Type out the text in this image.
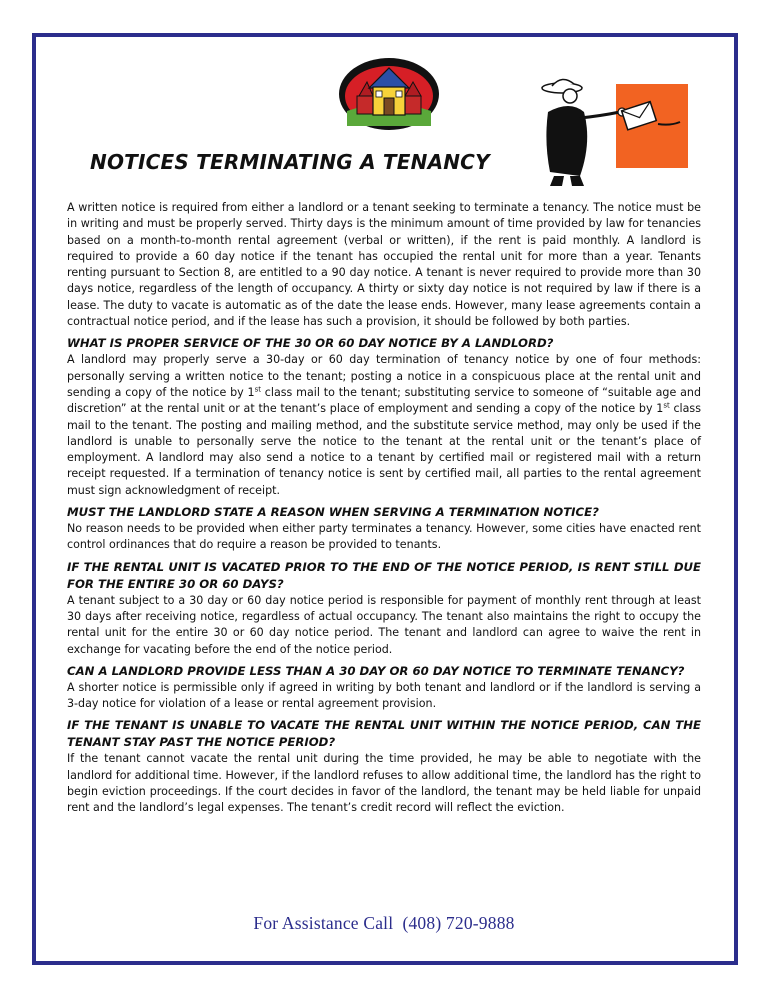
NOTICES TERMINATING A TENANCY

A written notice is required from either a landlord or a tenant seeking to terminate a tenancy. The notice must be in writing and must be properly served. Thirty days is the minimum amount of time provided by law for tenancies based on a month-to-month rental agreement (verbal or written), if the rent is paid monthly. A landlord is required to provide a 60 day notice if the tenant has occupied the rental unit for more than a year. Tenants renting pursuant to Section 8, are entitled to a 90 day notice. A tenant is never required to provide more than 30 days notice, regardless of the length of occupancy. A thirty or sixty day notice is not required by law if there is a lease. The duty to vacate is automatic as of the date the lease ends. However, many lease agreements contain a contractual notice period, and if the lease has such a provision, it should be followed by both parties.

WHAT IS PROPER SERVICE OF THE 30 OR 60 DAY NOTICE BY A LANDLORD?

A landlord may properly serve a 30-day or 60 day termination of tenancy notice by one of four methods: personally serving a written notice to the tenant; posting a notice in a conspicuous place at the rental unit and sending a copy of the notice by 1st class mail to the tenant; substituting service to someone of “suitable age and discretion” at the rental unit or at the tenant’s place of employment and sending a copy of the notice by 1st class mail to the tenant. The posting and mailing method, and the substitute service method, may only be used if the landlord is unable to personally serve the notice to the tenant at the rental unit or the tenant’s place of employment. A landlord may also send a notice to a tenant by certified mail or registered mail with a return receipt requested. If a termination of tenancy notice is sent by certified mail, all parties to the rental agreement must sign acknowledgment of receipt.

MUST THE LANDLORD STATE A REASON WHEN SERVING A TERMINATION NOTICE?

No reason needs to be provided when either party terminates a tenancy. However, some cities have enacted rent control ordinances that do require a reason be provided to tenants.

IF THE RENTAL UNIT IS VACATED PRIOR TO THE END OF THE NOTICE PERIOD, IS RENT STILL DUE FOR THE ENTIRE 30 OR 60 DAYS?

A tenant subject to a 30 day or 60 day notice period is responsible for payment of monthly rent through at least 30 days after receiving notice, regardless of actual occupancy. The tenant also maintains the right to occupy the rental unit for the entire 30 or 60 day notice period. The tenant and landlord can agree to waive the rent in exchange for vacating before the end of the notice period.

CAN A LANDLORD PROVIDE LESS THAN A 30 DAY OR 60 DAY NOTICE TO TERMINATE TENANCY?

A shorter notice is permissible only if agreed in writing by both tenant and landlord or if the landlord is serving a 3-day notice for violation of a lease or rental agreement provision.

IF THE TENANT IS UNABLE TO VACATE THE RENTAL UNIT WITHIN THE NOTICE PERIOD, CAN THE TENANT STAY PAST THE NOTICE PERIOD?

If the tenant cannot vacate the rental unit during the time provided, he may be able to negotiate with the landlord for additional time. However, if the landlord refuses to allow additional time, the landlord has the right to begin eviction proceedings. If the court decides in favor of the landlord, the tenant may be held liable for unpaid rent and the landlord’s legal expenses. The tenant’s credit record will reflect the eviction.

For Assistance Call  (408) 720-9888
